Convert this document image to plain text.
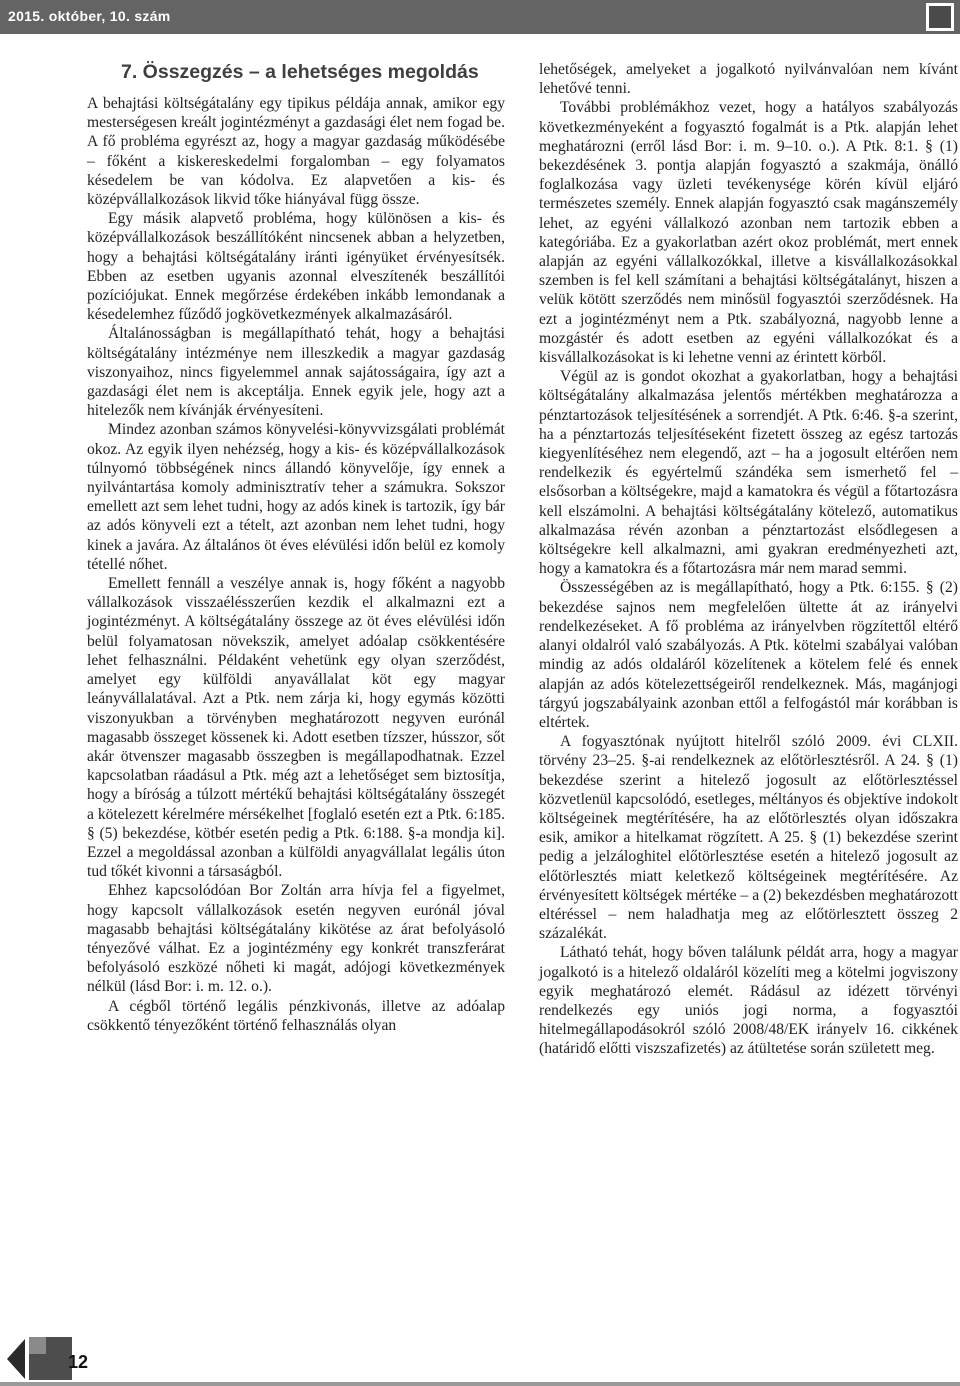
2015. október, 10. szám
7. Összegzés – a lehetséges megoldás

A behajtási költségátalány egy tipikus példája annak, amikor egy mesterségesen kreált jogintézményt a gazdasági élet nem fogad be. A fő probléma egyrészt az, hogy a magyar gazdaság működésébe – főként a kiskereskedelmi forgalomban – egy folyamatos késedelem be van kódolva. Ez alapvetően a kis- és középvállalkozások likvid tőke hiányával függ össze.

Egy másik alapvető probléma, hogy különösen a kis- és középvállalkozások beszállítóként nincsenek abban a helyzetben, hogy a behajtási költségátalány iránti igényüket érvényesítsék. Ebben az esetben ugyanis azonnal elveszítenék beszállítói pozíciójukat. Ennek megőrzése érdekében inkább lemondanak a késedelemhez fűződő jogkövetkezmények alkalmazásáról.

Általánosságban is megállapítható tehát, hogy a behajtási költségátalány intézménye nem illeszkedik a magyar gazdaság viszonyaihoz, nincs figyelemmel annak sajátosságaira, így azt a gazdasági élet nem is akceptálja. Ennek egyik jele, hogy azt a hitelezők nem kívánják érvényesíteni.

Mindez azonban számos könyvelési-könyvvizsgálati problémát okoz. Az egyik ilyen nehézség, hogy a kis- és középvállalkozások túlnyomó többségének nincs állandó könyvelője, így ennek a nyilvántartása komoly adminisztratív teher a számukra. Sokszor emellett azt sem lehet tudni, hogy az adós kinek is tartozik, így bár az adós könyveli ezt a tételt, azt azonban nem lehet tudni, hogy kinek a javára. Az általános öt éves elévülési időn belül ez komoly tétellé nőhet.

Emellett fennáll a veszélye annak is, hogy főként a nagyobb vállalkozások visszaélésszerűen kezdik el alkalmazni ezt a jogintézményt. A költségátalány összege az öt éves elévülési időn belül folyamatosan növekszik, amelyet adóalap csökkentésére lehet felhasználni. Példaként vehetünk egy olyan szerződést, amelyet egy külföldi anyavállalat köt egy magyar leányvállalatával. Azt a Ptk. nem zárja ki, hogy egymás közötti viszonyukban a törvényben meghatározott negyven eurónál magasabb összeget kössenek ki. Adott esetben tízszer, hússzor, sőt akár ötvenszer magasabb összegben is megállapodhatnak. Ezzel kapcsolatban ráadásul a Ptk. még azt a lehetőséget sem biztosítja, hogy a bíróság a túlzott mértékű behajtási költségátalány összegét a kötelezett kérelmére mérsékelhet [foglaló esetén ezt a Ptk. 6:185. § (5) bekezdése, kötbér esetén pedig a Ptk. 6:188. §-a mondja ki]. Ezzel a megoldással azonban a külföldi anyagvállalat legális úton tud tőkét kivonni a társaságból.

Ehhez kapcsolódóan Bor Zoltán arra hívja fel a figyelmet, hogy kapcsolt vállalkozások esetén negyven eurónál jóval magasabb behajtási költségátalány kikötése az árat befolyásoló tényezővé válhat. Ez a jogintézmény egy konkrét transzferárat befolyásoló eszközé nőheti ki magát, adójogi következmények nélkül (lásd Bor: i. m. 12. o.).

A cégből történő legális pénzkivonás, illetve az adóalap csökkentő tényezőként történő felhasználás olyan

lehetőségek, amelyeket a jogalkotó nyilvánvalóan nem kívánt lehetővé tenni.

További problémákhoz vezet, hogy a hatályos szabályozás következményeként a fogyasztó fogalmát is a Ptk. alapján lehet meghatározni (erről lásd Bor: i. m. 9–10. o.). A Ptk. 8:1. § (1) bekezdésének 3. pontja alapján fogyasztó a szakmája, önálló foglalkozása vagy üzleti tevékenysége körén kívül eljáró természetes személy. Ennek alapján fogyasztó csak magánszemély lehet, az egyéni vállalkozó azonban nem tartozik ebben a kategóriába. Ez a gyakorlatban azért okoz problémát, mert ennek alapján az egyéni vállalkozókkal, illetve a kisvállalkozásokkal szemben is fel kell számítani a behajtási költségátalányt, hiszen a velük kötött szerződés nem minősül fogyasztói szerződésnek. Ha ezt a jogintézményt nem a Ptk. szabályozná, nagyobb lenne a mozgástér és adott esetben az egyéni vállalkozókat és a kisvállalkozásokat is ki lehetne venni az érintett körből.

Végül az is gondot okozhat a gyakorlatban, hogy a behajtási költségátalány alkalmazása jelentős mértékben meghatározza a pénztartozások teljesítésének a sorrendjét. A Ptk. 6:46. §-a szerint, ha a pénztartozás teljesítéseként fizetett összeg az egész tartozás kiegyenlítéséhez nem elegendő, azt – ha a jogosult eltérően nem rendelkezik és egyértelmű szándéka sem ismerhető fel – elsősorban a költségekre, majd a kamatokra és végül a főtartozásra kell elszámolni. A behajtási költségátalány kötelező, automatikus alkalmazása révén azonban a pénztartozást elsődlegesen a költségekre kell alkalmazni, ami gyakran eredményezheti azt, hogy a kamatokra és a főtartozásra már nem marad semmi.

Összességében az is megállapítható, hogy a Ptk. 6:155. § (2) bekezdése sajnos nem megfelelően ültette át az irányelvi rendelkezéseket. A fő probléma az irányelvben rögzítettől eltérő alanyi oldalról való szabályozás. A Ptk. kötelmi szabályai valóban mindig az adós oldaláról közelítenek a kötelem felé és ennek alapján az adós kötelezettségeiről rendelkeznek. Más, magánjogi tárgyú jogszabályaink azonban ettől a felfogástól már korábban is eltértek.

A fogyasztónak nyújtott hitelről szóló 2009. évi CLXII. törvény 23–25. §-ai rendelkeznek az előtörlesztésről. A 24. § (1) bekezdése szerint a hitelező jogosult az előtörlesztéssel közvetlenül kapcsolódó, esetleges, méltányos és objektíve indokolt költségeinek megtérítésére, ha az előtörlesztés olyan időszakra esik, amikor a hitelkamat rögzített. A 25. § (1) bekezdése szerint pedig a jelzáloghitel előtörlesztése esetén a hitelező jogosult az előtörlesztés miatt keletkező költségeinek megtérítésére. Az érvényesített költségek mértéke – a (2) bekezdésben meghatározott eltéréssel – nem haladhatja meg az előtörlesztett összeg 2 százalékát.

Látható tehát, hogy bőven találunk példát arra, hogy a magyar jogalkotó is a hitelező oldaláról közelíti meg a kötelmi jogviszony egyik meghatározó elemét. Rádásul az idézett törvényi rendelkezés egy uniós jogi norma, a fogyasztói hitelmegállapodásokról szóló 2008/48/EK irányelv 16. cikkének (határidő előtti viszszafizetés) az átültetése során született meg.

12
